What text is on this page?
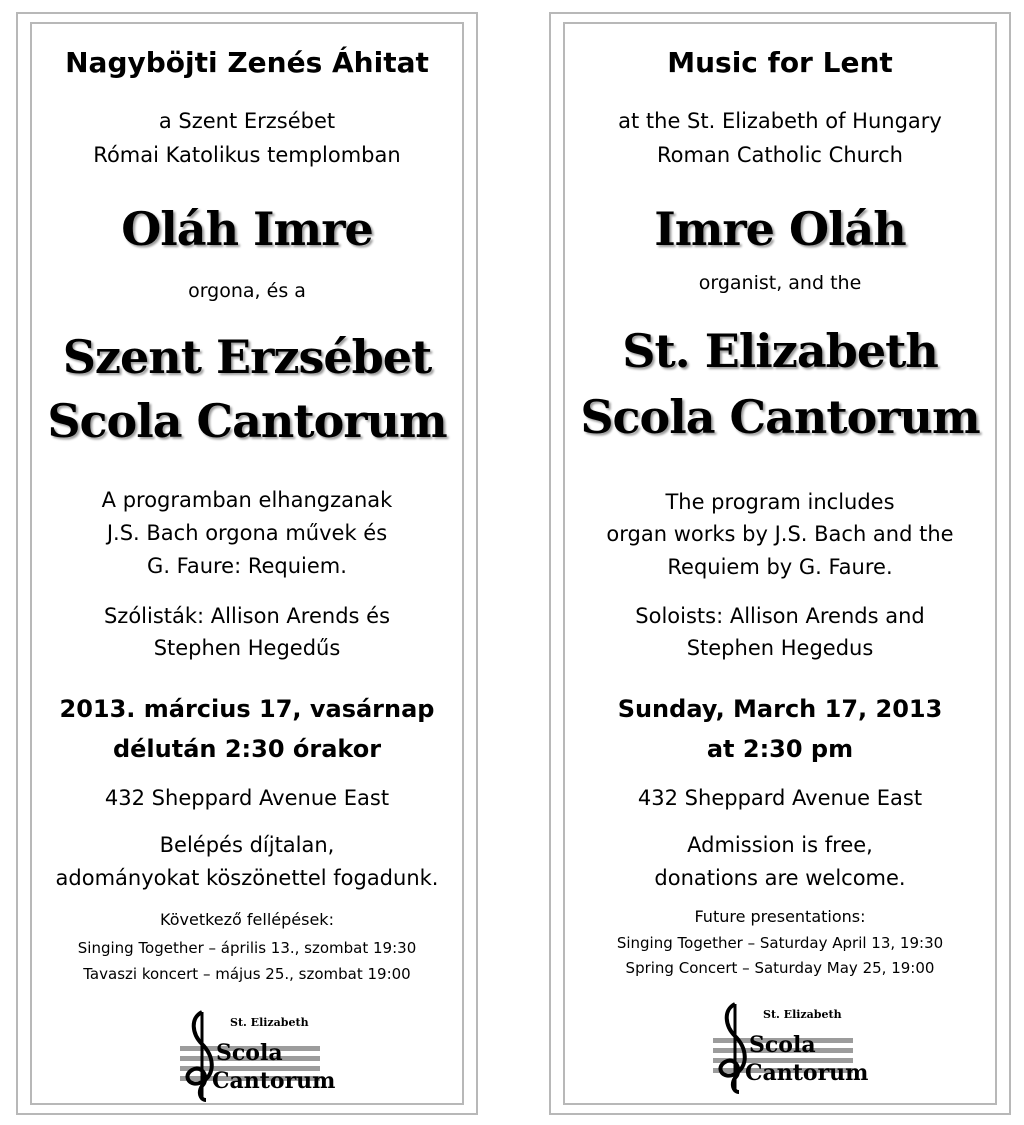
Nagyböjti Zenés Áhitat
a Szent Erzsébet
Római Katolikus templomban
Oláh Imre
orgona, és a
Szent Erzsébet
Scola Cantorum
A programban elhangzanak
J.S. Bach orgona művek és
G. Faure: Requiem.
Szólisták: Allison Arends és
Stephen Hegedűs
2013. március 17, vasárnap
délután 2:30 órakor
432 Sheppard Avenue East
Belépés díjtalan,
adományokat köszönettel fogadunk.
Következő fellépések:
Singing Together – április 13., szombat 19:30
Tavaszi koncert – május 25., szombat 19:00
St. Elizabeth
Scola
Cantorum
Music for Lent
at the St. Elizabeth of Hungary
Roman Catholic Church
Imre Oláh
organist, and the
St. Elizabeth
Scola Cantorum
The program includes
organ works by J.S. Bach and the
Requiem by G. Faure.
Soloists: Allison Arends and
Stephen Hegedus
Sunday, March 17, 2013
at 2:30 pm
432 Sheppard Avenue East
Admission is free,
donations are welcome.
Future presentations:
Singing Together – Saturday April 13, 19:30
Spring Concert – Saturday May 25, 19:00
St. Elizabeth
Scola
Cantorum
